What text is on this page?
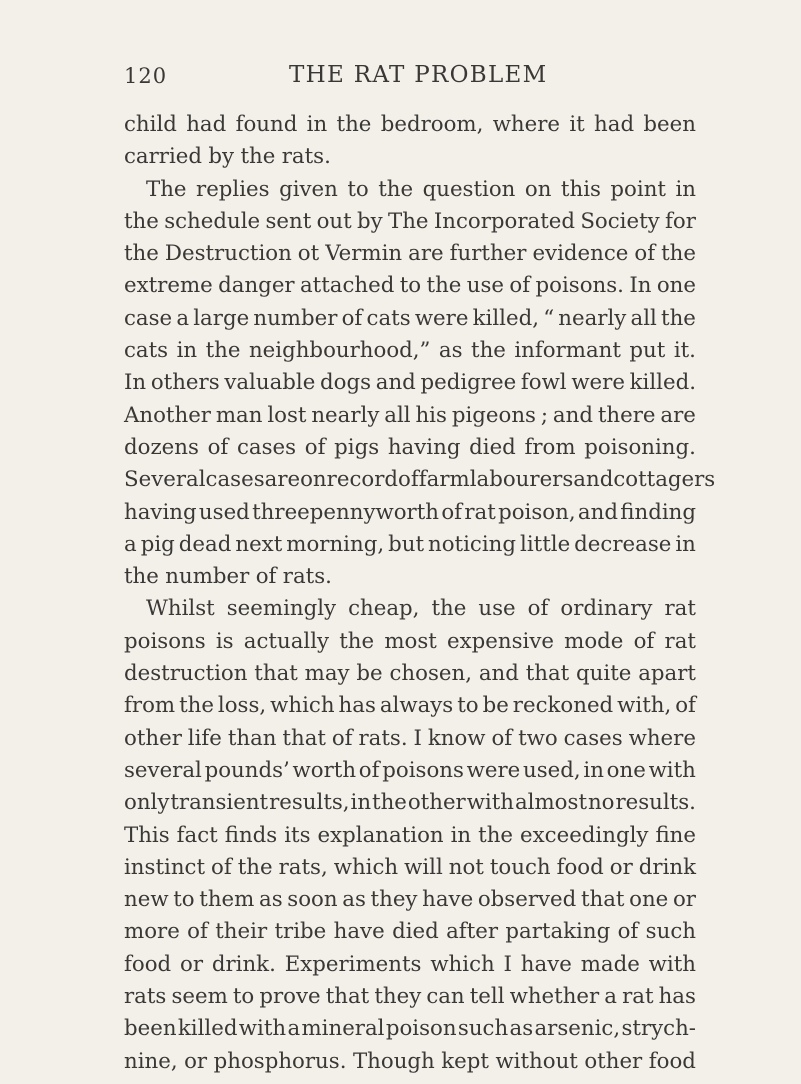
120	THE RAT PROBLEM
child had found in the bedroom, where it had been
carried by the rats.
The replies given to the question on this point in
the schedule sent out by The Incorporated Society for
the Destruction ot Vermin are further evidence of the
extreme danger attached to the use of poisons. In one
case a large number of cats were killed, “ nearly all the
cats in the neighbourhood,” as the informant put it.
In others valuable dogs and pedigree fowl were killed.
Another man lost nearly all his pigeons ; and there are
dozens of cases of pigs having died from poisoning.
Several cases are on record of farm labourers and cottagers
having used threepennyworth of rat poison, and finding
a pig dead next morning, but noticing little decrease in
the number of rats.
Whilst seemingly cheap, the use of ordinary rat
poisons is actually the most expensive mode of rat
destruction that may be chosen, and that quite apart
from the loss, which has always to be reckoned with, of
other life than that of rats. I know of two cases where
several pounds’ worth of poisons were used, in one with
only transient results, in the other with almost no results.
This fact finds its explanation in the exceedingly fine
instinct of the rats, which will not touch food or drink
new to them as soon as they have observed that one or
more of their tribe have died after partaking of such
food or drink. Experiments which I have made with
rats seem to prove that they can tell whether a rat has
been killed with a mineral poison such as arsenic, strych-
nine, or phosphorus. Though kept without other food
